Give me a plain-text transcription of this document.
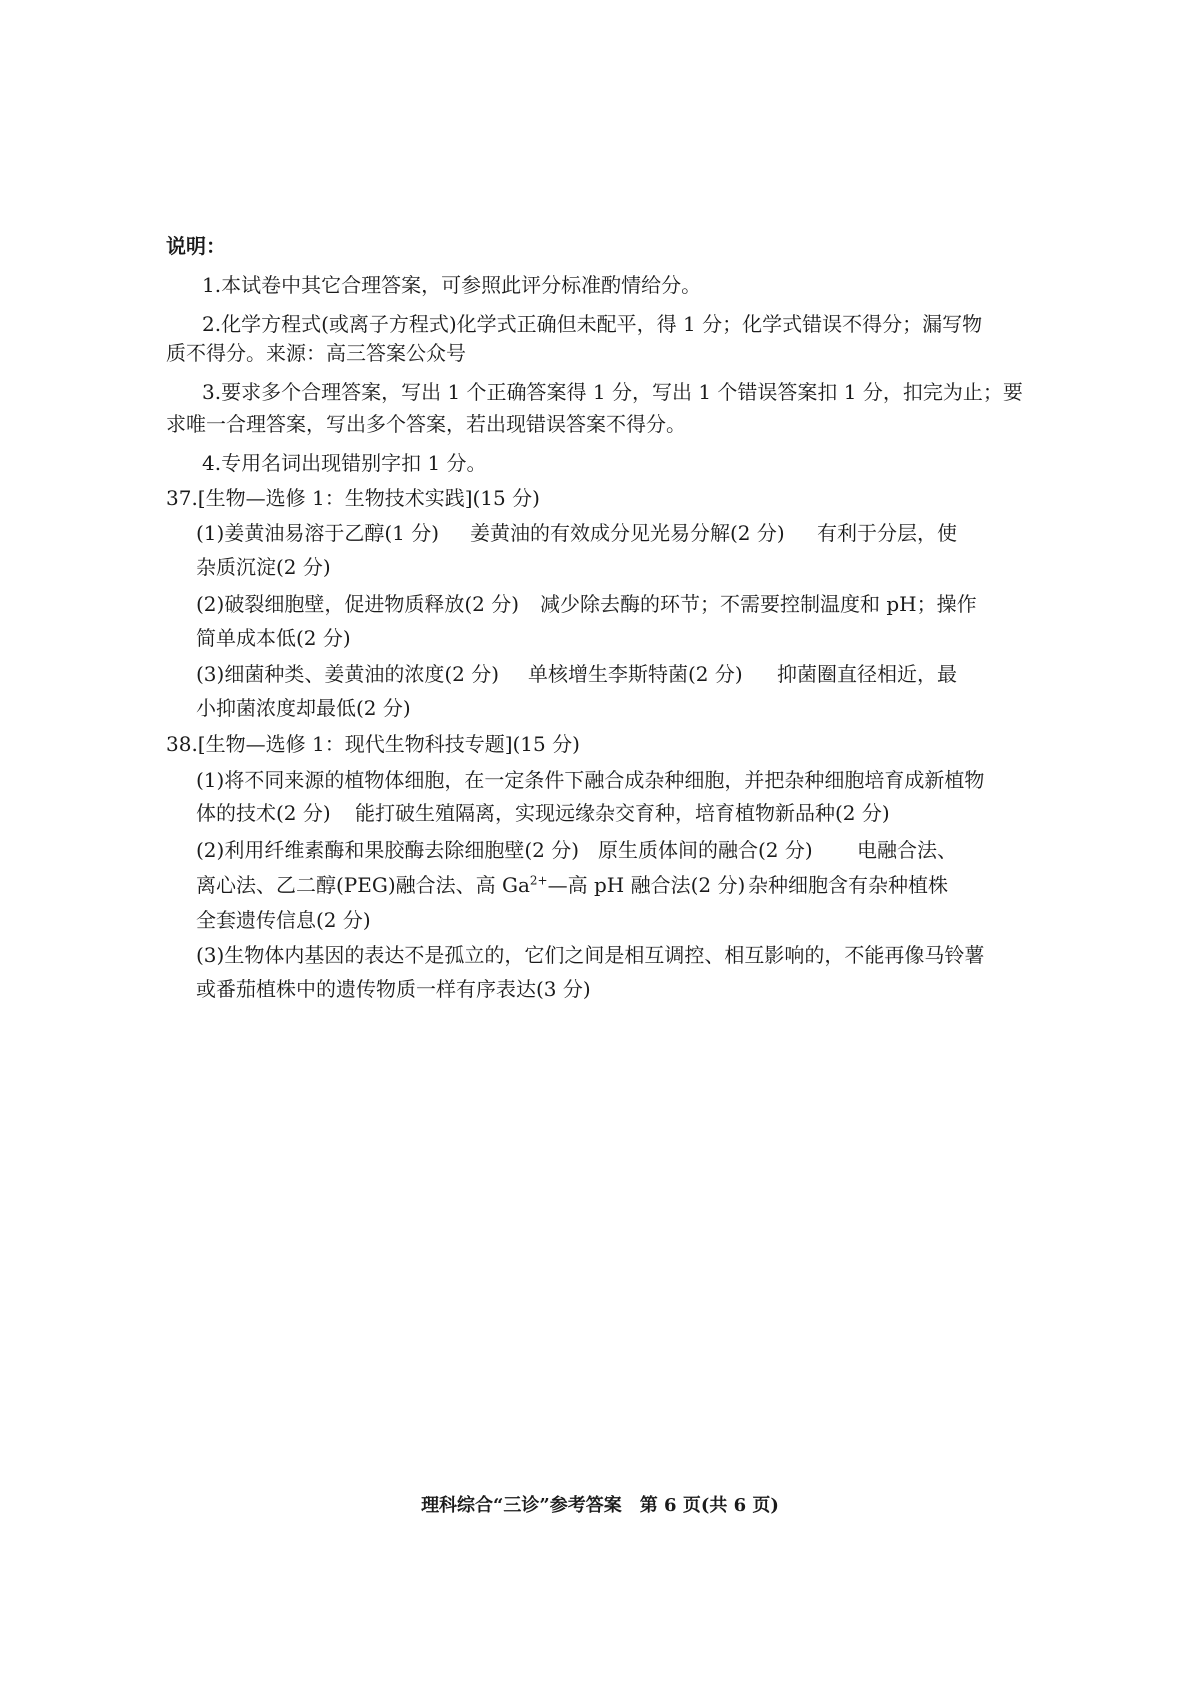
说明：
1.本试卷中其它合理答案，可参照此评分标准酌情给分。
2.化学方程式(或离子方程式)化学式正确但未配平，得 1 分；化学式错误不得分；漏写物
质不得分。来源：高三答案公众号
3.要求多个合理答案，写出 1 个正确答案得 1 分，写出 1 个错误答案扣 1 分，扣完为止；要
求唯一合理答案，写出多个答案，若出现错误答案不得分。
4.专用名词出现错别字扣 1 分。
37.[生物—选修 1：生物技术实践](15 分)
(1)姜黄油易溶于乙醇(1 分) 姜黄油的有效成分见光易分解(2 分) 有利于分层，使
杂质沉淀(2 分)
(2)破裂细胞壁，促进物质释放(2 分) 减少除去酶的环节；不需要控制温度和 pH；操作
简单成本低(2 分)
(3)细菌种类、姜黄油的浓度(2 分) 单核增生李斯特菌(2 分) 抑菌圈直径相近，最
小抑菌浓度却最低(2 分)
38.[生物—选修 1：现代生物科技专题](15 分)
(1)将不同来源的植物体细胞，在一定条件下融合成杂种细胞，并把杂种细胞培育成新植物
体的技术(2 分) 能打破生殖隔离，实现远缘杂交育种，培育植物新品种(2 分)
(2)利用纤维素酶和果胶酶去除细胞壁(2 分) 原生质体间的融合(2 分) 电融合法、
离心法、乙二醇(PEG)融合法、高 $Ga^{2+}—$高 pH 融合法(2 分) 杂种细胞含有杂种植株
全套遗传信息(2 分)
(3)生物体内基因的表达不是孤立的，它们之间是相互调控、相互影响的，不能再像马铃薯
或番茄植株中的遗传物质一样有序表达(3 分)
理科综合“三诊”参考答案　第 6 页(共 6 页)
